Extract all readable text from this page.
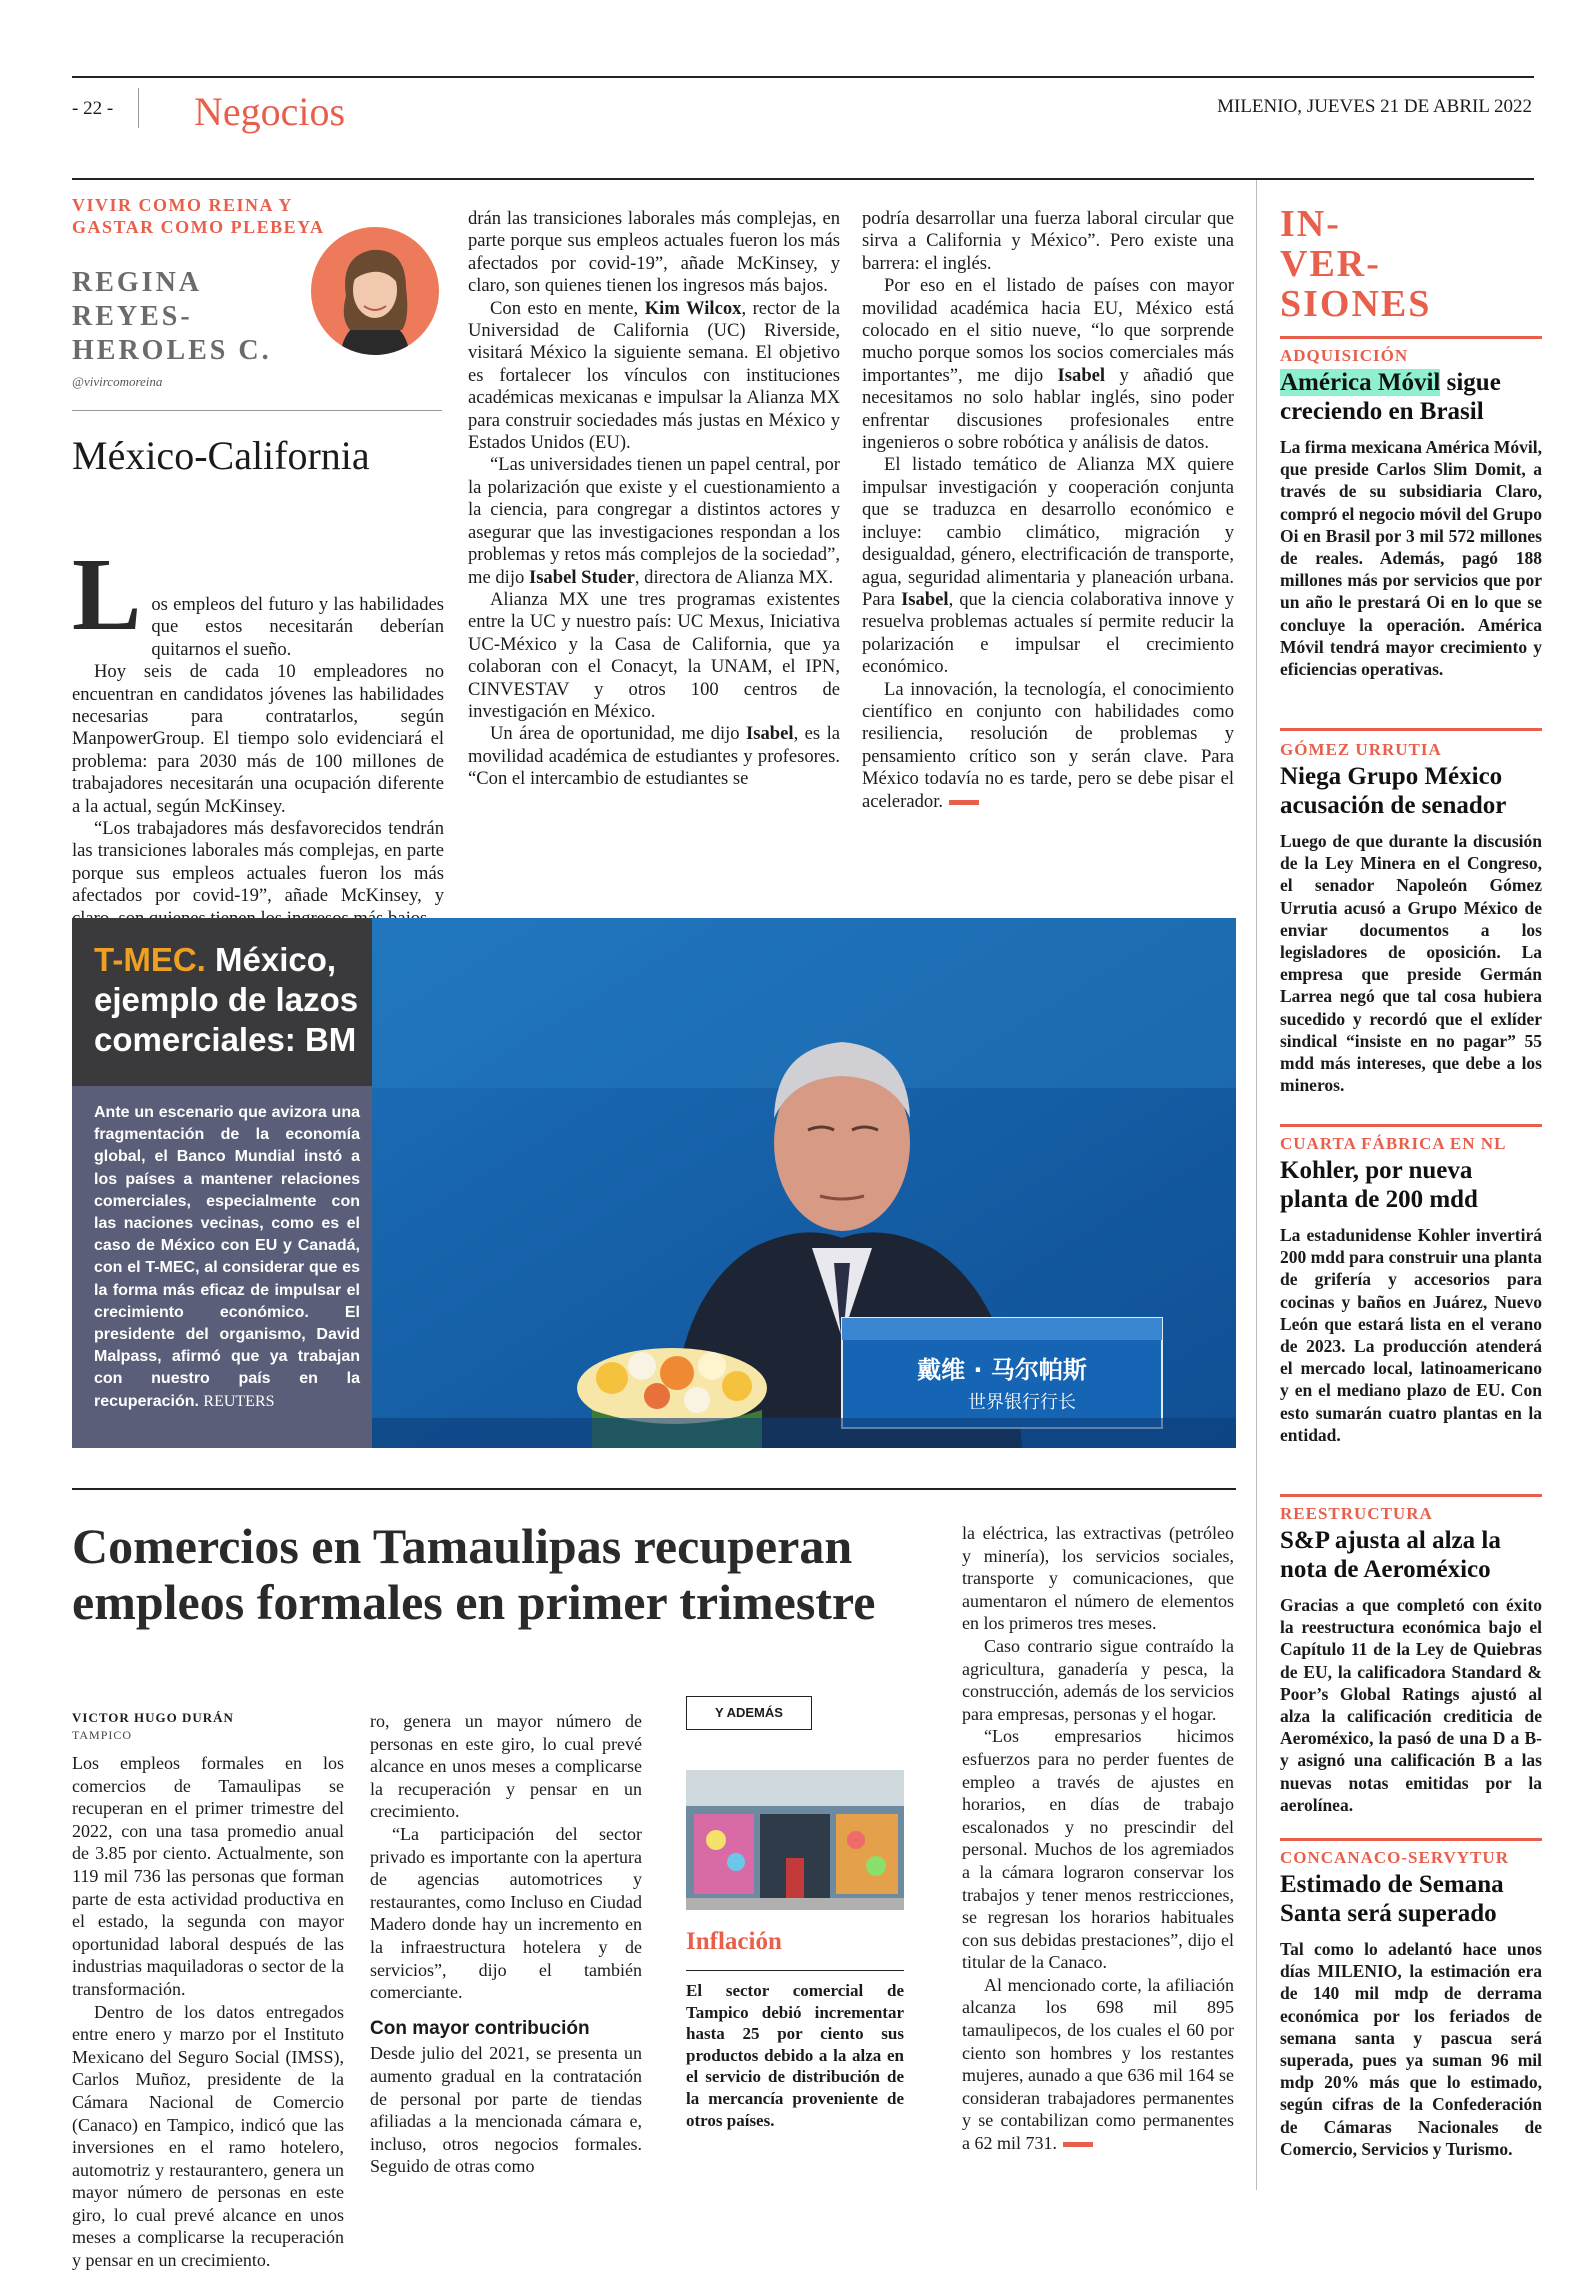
- 22 - Negocios	MILENIO, JUEVES 21 DE ABRIL 2022
VIVIR COMO REINA Y
GASTAR COMO PLEBEYA
REGINA
REYES-
HEROLES C.
@vivircomoreina
México-California
L os empleos del futuro y las habilidades que estos necesitarán deberían quitarnos el sueño.

Hoy seis de cada 10 empleadores no encuentran en candidatos jóvenes las habilidades necesarias para contratarlos, según ManpowerGroup. El tiempo solo evidenciará el problema: para 2030 más de 100 millones de trabajadores necesitarán una ocupación diferente a la actual, según McKinsey.

“Los trabajadores más desfavorecidos tendrán las transiciones laborales más complejas, en parte porque sus empleos actuales fueron los más afectados por covid-19”, añade McKinsey, y

drán las transiciones laborales más complejas, en parte porque sus empleos actuales fueron los más afectados por covid-19”, añade McKinsey, y claro, son quienes tienen los ingresos más bajos.

Con esto en mente, Kim Wilcox, rector de la Universidad de California (UC) Riverside, visitará México la siguiente semana. El objetivo es fortalecer los vínculos con instituciones académicas mexicanas e impulsar la Alianza MX para construir sociedades más justas en México y Estados Unidos (EU).

“Las universidades tienen un papel central, por la polarización que existe y el cuestionamiento a la ciencia, para congregar a distintos actores y asegurar que las investigaciones respondan a los problemas y retos más complejos de la sociedad”, me dijo Isabel Studer, directora de Alianza MX.

Alianza MX une tres programas existentes entre la UC y nuestro país: UC Mexus, Iniciativa UC-México y la Casa de California, que ya colaboran con el Conacyt, la UNAM, el IPN, CINVESTAV y otros 100 centros de investigación en México.

Un área de oportunidad, me dijo Isabel, es la movilidad académica de estudiantes y profesores. “Con el intercambio de estudiantes se

podría desarrollar una fuerza laboral circular que sirva a California y México”. Pero existe una barrera: el inglés.

Por eso en el listado de países con mayor movilidad académica hacia EU, México está colocado en el sitio nueve, “lo que sorprende mucho porque somos los socios comerciales más importantes”, me dijo Isabel y añadió que necesitamos no solo hablar inglés, sino poder enfrentar discusiones profesionales entre ingenieros o sobre robótica y análisis de datos.

El listado temático de Alianza MX quiere impulsar investigación y cooperación conjunta que se traduzca en desarrollo económico e incluye: cambio climático, migración y desigualdad, género, electrificación de transporte, agua, seguridad alimentaria y planeación urbana. Para Isabel, que la ciencia colaborativa innove y resuelva problemas actuales sí permite reducir la polarización e impulsar el crecimiento económico.

La innovación, la tecnología, el conocimiento científico en conjunto con habilidades como resiliencia, resolución de problemas y pensamiento crítico son y serán clave. Para México todavía no es tarde, pero se debe pisar el acelerador.

T-MEC. México, ejemplo de lazos comerciales: BM
Ante un escenario que avizora una fragmentación de la economía global, el Banco Mundial instó a los países a mantener relaciones comerciales, especialmente con las naciones vecinas, como es el caso de México con EU y Canadá, con el T-MEC, al considerar que es la forma más eficaz de impulsar el crecimiento económico. El presidente del organismo, David Malpass, afirmó que ya trabajan con nuestro país en la recuperación. REUTERS
戴维 · 马尔帕斯
世界银行行长
Comercios en Tamaulipas recuperan
empleos formales en primer trimestre
VICTOR HUGO DURÁN
TAMPICO

Los empleos formales en los comercios de Tamaulipas se recuperan en el primer trimestre del 2022, con una tasa promedio anual de 3.85 por ciento. Actualmente, son 119 mil 736 las personas que forman parte de esta actividad productiva en el estado, la segunda con mayor oportunidad laboral después de las industrias maquiladoras o sector de la transformación.

Dentro de los datos entregados entre enero y marzo por el Instituto Mexicano del Seguro Social (IMSS), Carlos Muñoz, presidente de la Cámara Nacional de Comercio (Canaco) en Tampico, indicó que las inversiones en el ramo hotelero, automotriz y restaurantero, genera un mayor número de personas en este giro, lo cual prevé alcance en unos meses a complicarse la recuperación y pensar en un crecimiento.

ro, genera un mayor número de personas en este giro, lo cual prevé alcance en unos meses a complicarse la recuperación y pensar en un crecimiento.

“La participación del sector privado es importante con la apertura de agencias automotrices y restaurantes, como Incluso en Ciudad Madero donde hay un incremento en la infraestructura hotelera y de servicios”, dijo el también comerciante.

Con mayor contribución

Desde julio del 2021, se presenta un aumento gradual en la contratación de personal por parte de tiendas afiliadas a la mencionada cámara e, incluso, otros negocios formales. Seguido de otras como

Y ADEMÁS
Inflación
El sector comercial de Tampico debió incrementar hasta 25 por ciento sus productos debido a la alza en el servicio de distribución de la mercancía proveniente de otros países.

la eléctrica, las extractivas (petróleo y minería), los servicios sociales, transporte y comunicaciones, que aumentaron el número de elementos en los primeros tres meses.

Caso contrario sigue contraído la agricultura, ganadería y pesca, la construcción, además de los servicios para empresas, personas y el hogar.

“Los empresarios hicimos esfuerzos para no perder fuentes de empleo a través de ajustes en horarios, en días de trabajo escalonados y no prescindir del personal. Muchos de los agremiados a la cámara lograron conservar los trabajos y tener menos restricciones, se regresan los horarios habituales con sus debidas prestaciones”, dijo el titular de la Canaco.

Al mencionado corte, la afiliación alcanza los 698 mil 895 tamaulipecos, de los cuales el 60 por ciento son hombres y los restantes mujeres, aunado a que 636 mil 164 se consideran trabajadores permanentes y se contabilizan como permanentes a 62 mil 731.

IN-
VER-
SIONES
ADQUISICIÓN
América Móvil sigue creciendo en Brasil
La firma mexicana América Móvil, que preside Carlos Slim Domit, a través de su subsidiaria Claro, compró el negocio móvil del Grupo Oi en Brasil por 3 mil 572 millones de reales. Además, pagó 188 millones más por servicios que por un año le prestará Oi en lo que se concluye la operación. América Móvil tendrá mayor crecimiento y eficiencias operativas.
GÓMEZ URRUTIA
Niega Grupo México acusación de senador
Luego de que durante la discusión de la Ley Minera en el Congreso, el senador Napoleón Gómez Urrutia acusó a Grupo México de enviar documentos a los legisladores de oposición. La empresa que preside Germán Larrea negó que tal cosa hubiera sucedido y recordó que el exlíder sindical “insiste en no pagar” 55 mdd más intereses, que debe a los mineros.
CUARTA FÁBRICA EN NL
Kohler, por nueva planta de 200 mdd
La estadunidense Kohler invertirá 200 mdd para construir una planta de grifería y accesorios para cocinas y baños en Juárez, Nuevo León que estará lista en el verano de 2023. La producción atenderá el mercado local, latinoamericano y en el mediano plazo de EU. Con esto sumarán cuatro plantas en la entidad.
REESTRUCTURA
S&P ajusta al alza la nota de Aeroméxico
Gracias a que completó con éxito la reestructura económica bajo el Capítulo 11 de la Ley de Quiebras de EU, la calificadora Standard & Poor’s Global Ratings ajustó al alza la calificación crediticia de Aeroméxico, la pasó de una D a B- y asignó una calificación B a las nuevas notas emitidas por la aerolínea.
CONCANACO-SERVYTUR
Estimado de Semana Santa será superado
Tal como lo adelantó hace unos días MILENIO, la estimación era de 140 mil mdp de derrama económica por los feriados de semana santa y pascua será superada, pues ya suman 96 mil mdp 20% más que lo estimado, según cifras de la Confederación de Cámaras Nacionales de Comercio, Servicios y Turismo.
